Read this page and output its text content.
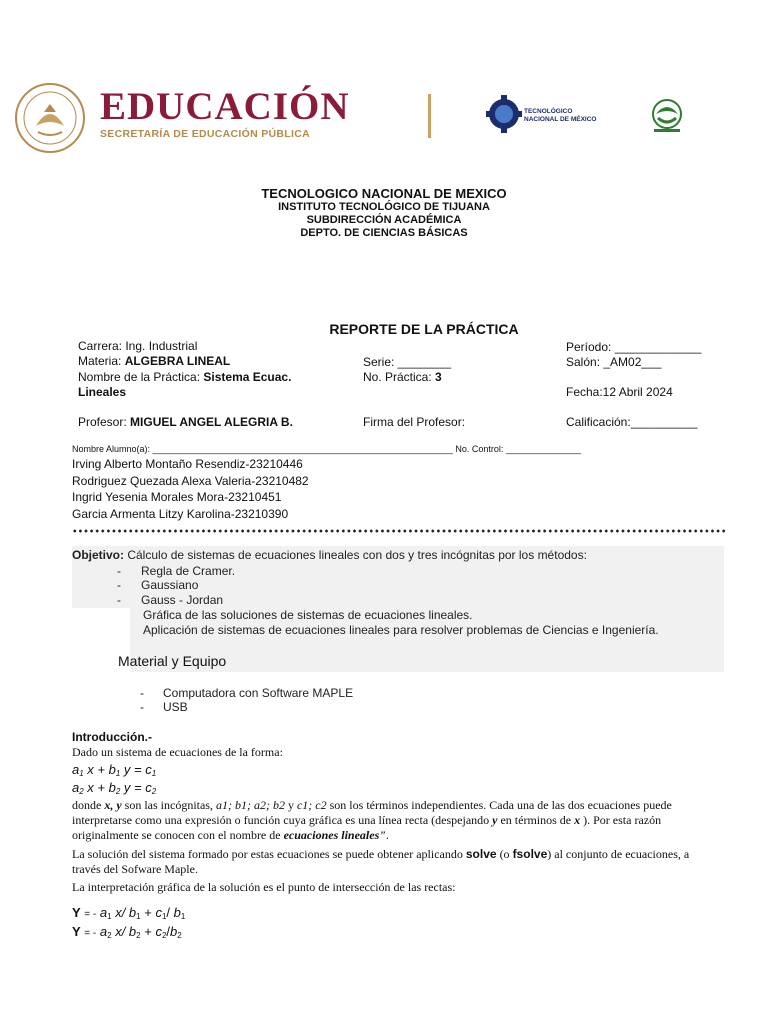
EDUCACIÓN
SECRETARÍA DE EDUCACIÓN PÚBLICA
TECNOLÓGICO
NACIONAL DE MÉXICO
TECNOLOGICO NACIONAL DE MEXICO
INSTITUTO TECNOLÓGICO DE TIJUANA
SUBDIRECCIÓN ACADÉMICA
DEPTO. DE CIENCIAS BÁSICAS
REPORTE DE LA PRÁCTICA
Carrera: Ing. Industrial
Materia: ALGEBRA LINEAL
Nombre de la Práctica: Sistema Ecuac.
Lineales
Profesor: MIGUEL ANGEL ALEGRIA B.
Serie: ________
No. Práctica: 3
Firma del Profesor:
Período: _____________
Salón: _AM02___
Fecha:12 Abril 2024
Calificación:__________
Nombre Alumno(a): ____________________________________________________________ No. Control: _______________
Irving Alberto Montaño Resendiz-23210446
Rodriguez Quezada Alexa Valeria-23210482
Ingrid Yesenia Morales Mora-23210451
Garcia Armenta Litzy Karolina-23210390
Objetivo: Cálculo de sistemas de ecuaciones lineales con dos y tres incógnitas por los métodos:
- Regla de Cramer.
- Gaussiano
- Gauss - Jordan
Gráfica de las soluciones de sistemas de ecuaciones lineales.
Aplicación de sistemas de ecuaciones lineales para resolver problemas de Ciencias e Ingeniería.
Material y Equipo
- Computadora con Software MAPLE
- USB
Introducción.-
Dado un sistema de ecuaciones de la forma:
$a_1$ $x + b_1$ $y = c_1$
$a_2$ $x + b_2$ $y = c_2$
donde x, y son las incógnitas, a1; b1; a2; b2 y c1; c2 son los términos independientes. Cada una de las dos ecuaciones puede interpretarse como una expresión o función cuya gráfica es una línea recta (despejando y en términos de x ). Por esta razón originalmente se conocen con el nombre de ecuaciones lineales".
La solución del sistema formado por estas ecuaciones se puede obtener aplicando solve (o fsolve) al conjunto de ecuaciones, a través del Sofware Maple.
La interpretación gráfica de la solución es el punto de intersección de las rectas:
Y = - $a_1$ x/ $b_1 + c_1/$ $b_1$
Y = - $a_2$ x/ $b_2 + c_2/b_2$
